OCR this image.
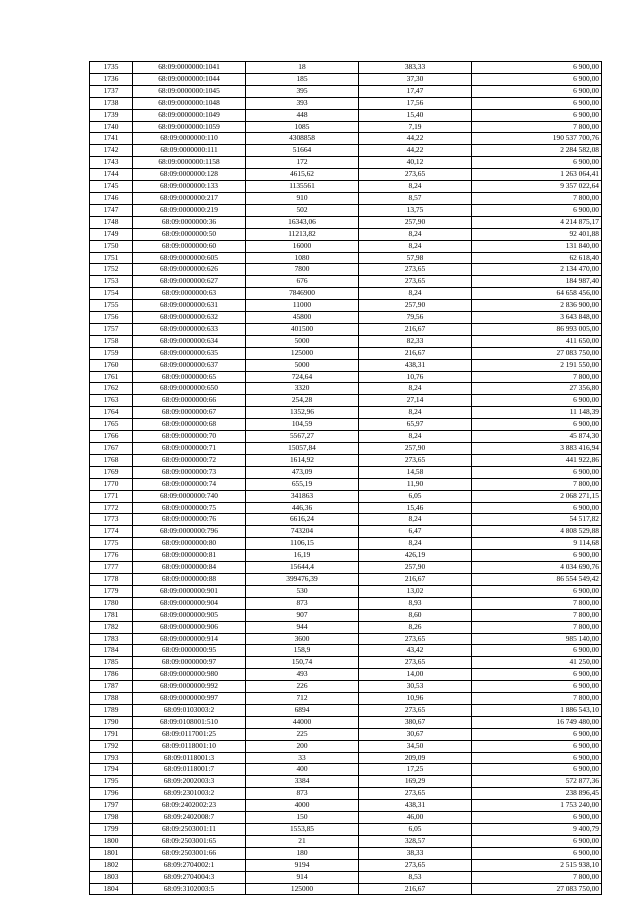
1735	68:09:0000000:1041	18	383,33	6 900,00
1736	68:09:0000000:1044	185	37,30	6 900,00
1737	68:09:0000000:1045	395	17,47	6 900,00
1738	68:09:0000000:1048	393	17,56	6 900,00
1739	68:09:0000000:1049	448	15,40	6 900,00
1740	68:09:0000000:1059	1085	7,19	7 800,00
1741	68:09:0000000:110	4308858	44,22	190 537 700,76
1742	68:09:0000000:111	51664	44,22	2 284 582,08
1743	68:09:0000000:1158	172	40,12	6 900,00
1744	68:09:0000000:128	4615,62	273,65	1 263 064,41
1745	68:09:0000000:133	1135561	8,24	9 357 022,64
1746	68:09:0000000:217	910	8,57	7 800,00
1747	68:09:0000000:219	502	13,75	6 900,00
1748	68:09:0000000:36	16343,06	257,90	4 214 875,17
1749	68:09:0000000:50	11213,82	8,24	92 401,88
1750	68:09:0000000:60	16000	8,24	131 840,00
1751	68:09:0000000:605	1080	57,98	62 618,40
1752	68:09:0000000:626	7800	273,65	2 134 470,00
1753	68:09:0000000:627	676	273,65	184 987,40
1754	68:09:0000000:63	7846900	8,24	64 658 456,00
1755	68:09:0000000:631	11000	257,90	2 836 900,00
1756	68:09:0000000:632	45800	79,56	3 643 848,00
1757	68:09:0000000:633	401500	216,67	86 993 005,00
1758	68:09:0000000:634	5000	82,33	411 650,00
1759	68:09:0000000:635	125000	216,67	27 083 750,00
1760	68:09:0000000:637	5000	438,31	2 191 550,00
1761	68:09:0000000:65	724,64	10,76	7 800,00
1762	68:09:0000000:650	3320	8,24	27 356,80
1763	68:09:0000000:66	254,28	27,14	6 900,00
1764	68:09:0000000:67	1352,96	8,24	11 148,39
1765	68:09:0000000:68	104,59	65,97	6 900,00
1766	68:09:0000000:70	5567,27	8,24	45 874,30
1767	68:09:0000000:71	15057,84	257,90	3 883 416,94
1768	68:09:0000000:72	1614,92	273,65	441 922,86
1769	68:09:0000000:73	473,09	14,58	6 900,00
1770	68:09:0000000:74	655,19	11,90	7 800,00
1771	68:09:0000000:740	341863	6,05	2 068 271,15
1772	68:09:0000000:75	446,36	15,46	6 900,00
1773	68:09:0000000:76	6616,24	8,24	54 517,82
1774	68:09:0000000:796	743204	6,47	4 808 529,88
1775	68:09:0000000:80	1106,15	8,24	9 114,68
1776	68:09:0000000:81	16,19	426,19	6 900,00
1777	68:09:0000000:84	15644,4	257,90	4 034 690,76
1778	68:09:0000000:88	399476,39	216,67	86 554 549,42
1779	68:09:0000000:901	530	13,02	6 900,00
1780	68:09:0000000:904	873	8,93	7 800,00
1781	68:09:0000000:905	907	8,60	7 800,00
1782	68:09:0000000:906	944	8,26	7 800,00
1783	68:09:0000000:914	3600	273,65	985 140,00
1784	68:09:0000000:95	158,9	43,42	6 900,00
1785	68:09:0000000:97	150,74	273,65	41 250,00
1786	68:09:0000000:980	493	14,00	6 900,00
1787	68:09:0000000:992	226	30,53	6 900,00
1788	68:09:0000000:997	712	10,96	7 800,00
1789	68:09:0103003:2	6894	273,65	1 886 543,10
1790	68:09:0108001:510	44000	380,67	16 749 480,00
1791	68:09:0117001:25	225	30,67	6 900,00
1792	68:09:0118001:10	200	34,50	6 900,00
1793	68:09:0118001:3	33	209,09	6 900,00
1794	68:09:0118001:7	400	17,25	6 900,00
1795	68:09:2002003:3	3384	169,29	572 877,36
1796	68:09:2301003:2	873	273,65	238 896,45
1797	68:09:2402002:23	4000	438,31	1 753 240,00
1798	68:09:2402008:7	150	46,00	6 900,00
1799	68:09:2503001:11	1553,85	6,05	9 400,79
1800	68:09:2503001:65	21	328,57	6 900,00
1801	68:09:2503001:66	180	38,33	6 900,00
1802	68:09:2704002:1	9194	273,65	2 515 938,10
1803	68:09:2704004:3	914	8,53	7 800,00
1804	68:09:3102003:5	125000	216,67	27 083 750,00
